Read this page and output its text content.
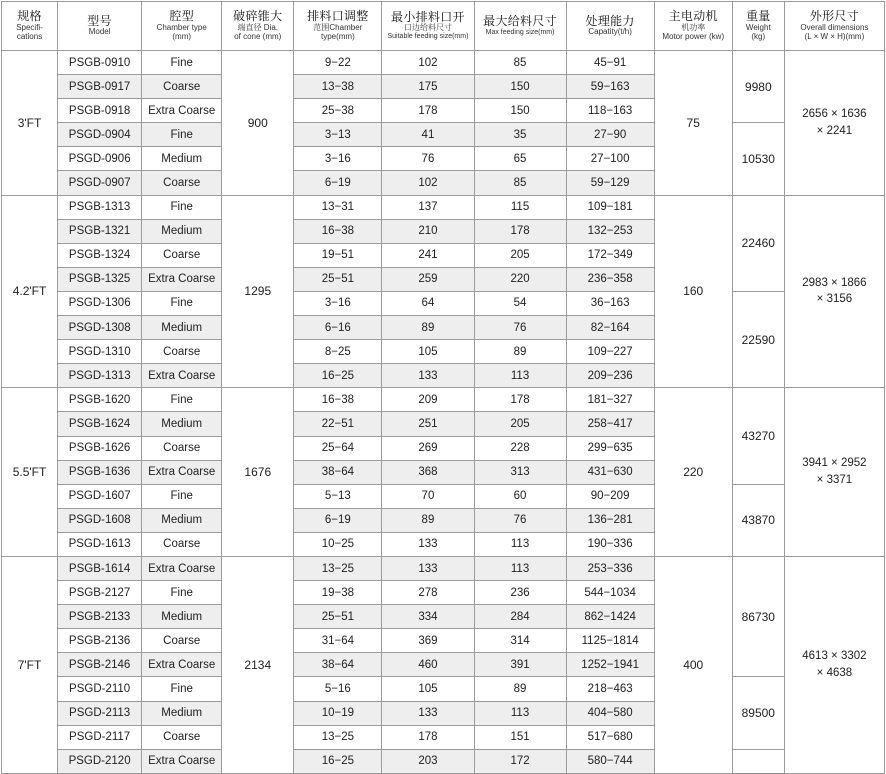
规格
Specifi-
cations	型号
Model	腔型
Chamber type
(mm)	破碎锥大
端直径 Dia.
of cone (mm)	排料口调整
范围Chamber
type(mm)	最小排料口开
口边给料尺寸
Suitable feeding size(mm)	最大给料尺寸
Max feeding size(mm)	处理能力
Capatity(t/h)	主电动机
机功率
Motor power (kw)	重量
Weight
(kg)	外形尺寸
Overall dimensions
(L × W × H)(mm)

3'FT	PSGB-0910	Fine	900	9−22	102	85	45−91	75	9980	2656 × 1636
× 2241

	PSGB-0917	Coarse		13−38	175	150	59−163			
	PSGB-0918	Extra Coarse		25−38	178	150	118−163			
	PSGD-0904	Fine		3−13	41	35	27−90		10530	
	PSGD-0906	Medium		3−16	76	65	27−100			
	PSGD-0907	Coarse		6−19	102	85	59−129			
4.2'FT	PSGB-1313	Fine	1295	13−31	137	115	109−181	160	22460	2983 × 1866
× 3156

	PSGB-1321	Medium		16−38	210	178	132−253			
	PSGB-1324	Coarse		19−51	241	205	172−349			
	PSGB-1325	Extra Coarse		25−51	259	220	236−358			
	PSGD-1306	Fine		3−16	64	54	36−163		22590	
	PSGD-1308	Medium		6−16	89	76	82−164			
	PSGD-1310	Coarse		8−25	105	89	109−227			
	PSGD-1313	Extra Coarse		16−25	133	113	209−236			
5.5'FT	PSGB-1620	Fine	1676	16−38	209	178	181−327	220	43270	3941 × 2952
× 3371

	PSGB-1624	Medium		22−51	251	205	258−417			
	PSGB-1626	Coarse		25−64	269	228	299−635			
	PSGB-1636	Extra Coarse		38−64	368	313	431−630			
	PSGD-1607	Fine		5−13	70	60	90−209		43870	
	PSGD-1608	Medium		6−19	89	76	136−281			
	PSGD-1613	Coarse		10−25	133	113	190−336			
7'FT	PSGB-1614	Extra Coarse	2134	13−25	133	113	253−336	400	86730	4613 × 3302
× 4638

	PSGB-2127	Fine		19−38	278	236	544−1034			
	PSGB-2133	Medium		25−51	334	284	862−1424			
	PSGB-2136	Coarse		31−64	369	314	1125−1814			
	PSGB-2146	Extra Coarse		38−64	460	391	1252−1941			
	PSGD-2110	Fine		5−16	105	89	218−463		89500	
	PSGD-2113	Medium		10−19	133	113	404−580			
	PSGD-2117	Coarse		13−25	178	151	517−680			
	PSGD-2120	Extra Coarse		16−25	203	172	580−744			
